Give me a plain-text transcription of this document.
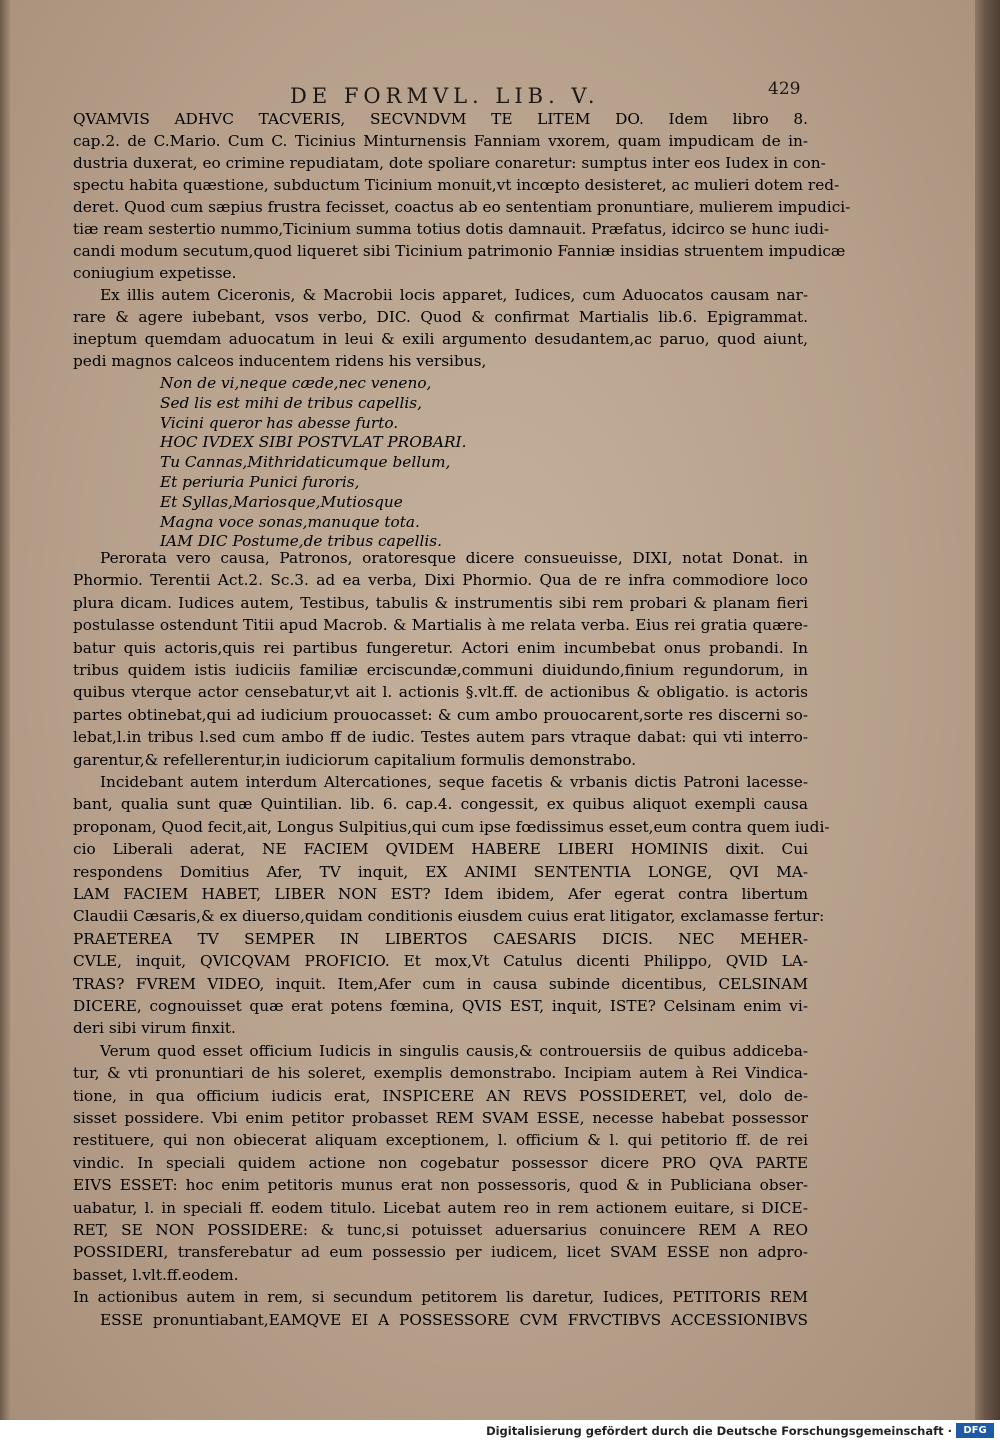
DE FORMVL. LIB. V.	429
QVAMVIS ADHVC TACVERIS, SECVNDVM TE LITEM DO. Idem libro 8.
cap.2. de C.Mario. Cum C. Ticinius Minturnensis Fanniam vxorem, quam impudicam de in-
dustria duxerat, eo crimine repudiatam, dote spoliare conaretur: sumptus inter eos Iudex in con-
spectu habita quæstione, subductum Ticinium monuit,vt incœpto desisteret, ac mulieri dotem red-
deret. Quod cum sæpius frustra fecisset, coactus ab eo sententiam pronuntiare, mulierem impudici-
tiæ ream sestertio nummo,Ticinium summa totius dotis damnauit. Præfatus, idcirco se hunc iudi-
candi modum secutum,quod liqueret sibi Ticinium patrimonio Fanniæ insidias struentem impudicæ
coniugium expetisse.
Ex illis autem Ciceronis, & Macrobii locis apparet, Iudices, cum Aduocatos causam nar-
rare & agere iubebant, vsos verbo, DIC. Quod & confirmat Martialis lib.6. Epigrammat.
ineptum quemdam aduocatum in leui & exili argumento desudantem,ac paruo, quod aiunt,
pedi magnos calceos inducentem ridens his versibus,
Non de vi,neque cæde,nec veneno,
Sed lis est mihi de tribus capellis,
Vicini queror has abesse furto.
HOC IVDEX SIBI POSTVLAT PROBARI.
Tu Cannas,Mithridaticumque bellum,
Et periuria Punici furoris,
Et Syllas,Mariosque,Mutiosque
Magna voce sonas,manuque tota.
IAM DIC Postume,de tribus capellis.
Perorata vero causa, Patronos, oratoresque dicere consueuisse, DIXI, notat Donat. in
Phormio. Terentii Act.2. Sc.3. ad ea verba, Dixi Phormio. Qua de re infra commodiore loco
plura dicam. Iudices autem, Testibus, tabulis & instrumentis sibi rem probari & planam fieri
postulasse ostendunt Titii apud Macrob. & Martialis à me relata verba. Eius rei gratia quære-
batur quis actoris,quis rei partibus fungeretur. Actori enim incumbebat onus probandi. In
tribus quidem istis iudiciis familiæ erciscundæ,communi diuidundo,finium regundorum, in
quibus vterque actor censebatur,vt ait l. actionis §.vlt.ff. de actionibus & obligatio. is actoris
partes obtinebat,qui ad iudicium prouocasset: & cum ambo prouocarent,sorte res discerni so-
lebat,l.in tribus l.sed cum ambo ff de iudic. Testes autem pars vtraque dabat: qui vti interro-
garentur,& refellerentur,in iudiciorum capitalium formulis demonstrabo.
Incidebant autem interdum Altercationes, seque facetis & vrbanis dictis Patroni lacesse-
bant, qualia sunt quæ Quintilian. lib. 6. cap.4. congessit, ex quibus aliquot exempli causa
proponam, Quod fecit,ait, Longus Sulpitius,qui cum ipse fœdissimus esset,eum contra quem iudi-
cio Liberali aderat, NE FACIEM QVIDEM HABERE LIBERI HOMINIS dixit. Cui
respondens Domitius Afer, TV inquit, EX ANIMI SENTENTIA LONGE, QVI MA-
LAM FACIEM HABET, LIBER NON EST? Idem ibidem, Afer egerat contra libertum
Claudii Cæsaris,& ex diuerso,quidam conditionis eiusdem cuius erat litigator, exclamasse fertur:
PRAETEREA TV SEMPER IN LIBERTOS CAESARIS DICIS. NEC MEHER-
CVLE, inquit, QVICQVAM PROFICIO. Et mox,Vt Catulus dicenti Philippo, QVID LA-
TRAS? FVREM VIDEO, inquit. Item,Afer cum in causa subinde dicentibus, CELSINAM
DICERE, cognouisset quæ erat potens fœmina, QVIS EST, inquit, ISTE? Celsinam enim vi-
deri sibi virum finxit.
Verum quod esset officium Iudicis in singulis causis,& controuersiis de quibus addiceba-
tur, & vti pronuntiari de his soleret, exemplis demonstrabo. Incipiam autem à Rei Vindica-
tione, in qua officium iudicis erat, INSPICERE AN REVS POSSIDERET, vel, dolo de-
sisset possidere. Vbi enim petitor probasset REM SVAM ESSE, necesse habebat possessor
restituere, qui non obiecerat aliquam exceptionem, l. officium & l. qui petitorio ff. de rei
vindic. In speciali quidem actione non cogebatur possessor dicere PRO QVA PARTE
EIVS ESSET: hoc enim petitoris munus erat non possessoris, quod & in Publiciana obser-
uabatur, l. in speciali ff. eodem titulo. Licebat autem reo in rem actionem euitare, si DICE-
RET, SE NON POSSIDERE: & tunc,si potuisset aduersarius conuincere REM A REO
POSSIDERI, transferebatur ad eum possessio per iudicem, licet SVAM ESSE non adpro-
basset, l.vlt.ff.eodem.
In actionibus autem in rem, si secundum petitorem lis daretur, Iudices, PETITORIS REM
ESSE pronuntiabant,EAMQVE EI A POSSESSORE CVM FRVCTIBVS ACCESSIONIBVS
Digitalisierung gefördert durch die Deutsche Forschungsgemeinschaft ·	DFG
